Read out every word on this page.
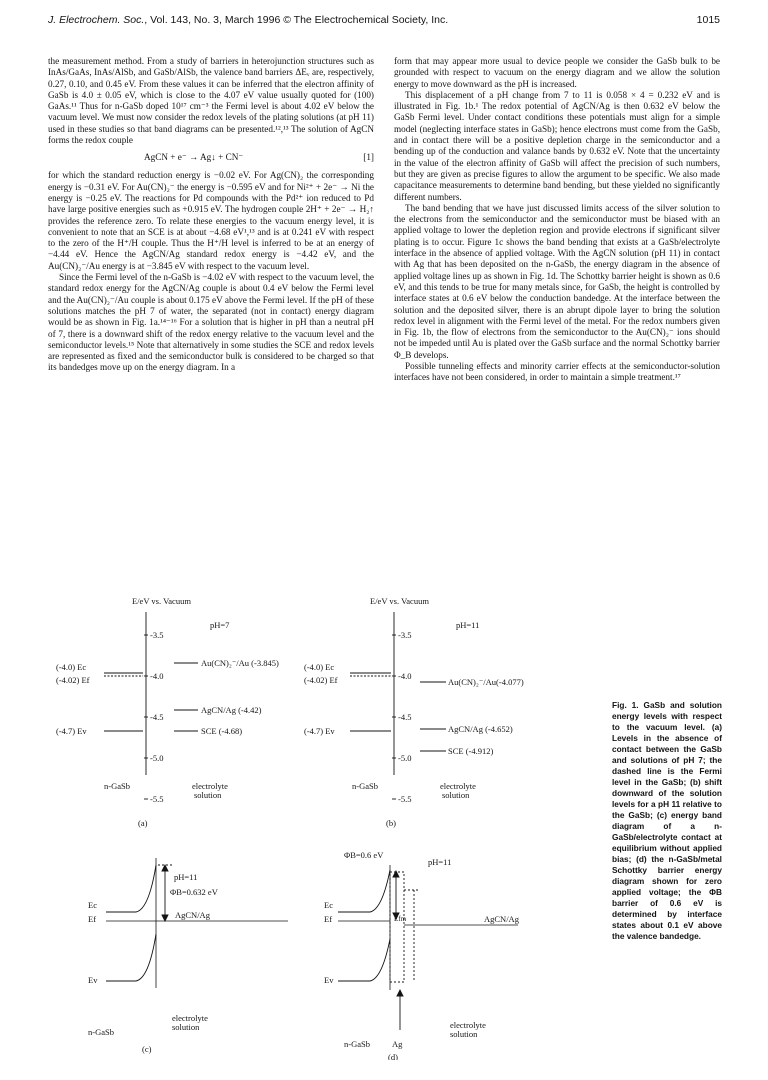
J. Electrochem. Soc., Vol. 143, No. 3, March 1996 © The Electrochemical Society, Inc.	1015

the measurement method. From a study of barriers in heterojunction structures such as InAs/GaAs, InAs/AlSb, and GaSb/AlSb, the valence band barriers ΔEᵥ are, respectively, 0.27, 0.10, and 0.45 eV. From these values it can be inferred that the electron affinity of GaSb is 4.0 ± 0.05 eV, which is close to the 4.07 eV value usually quoted for (100) GaAs.¹¹ Thus for n-GaSb doped 10¹⁷ cm⁻³ the Fermi level is about 4.02 eV below the vacuum level. We must now consider the redox levels of the plating solutions (at pH 11) used in these studies so that band diagrams can be presented.¹²,¹³ The solution of AgCN forms the redox couple

AgCN + e⁻ → Ag↓ + CN⁻	[1]

for which the standard reduction energy is −0.02 eV. For Ag(CN)₂ the corresponding energy is −0.31 eV. For Au(CN)₂⁻ the energy is −0.595 eV and for Ni²⁺ + 2e⁻ → Ni the energy is −0.25 eV. The reactions for Pd compounds with the Pd²⁺ ion reduced to Pd have large positive energies such as +0.915 eV. The hydrogen couple 2H⁺ + 2e⁻ → H₂↑ provides the reference zero. To relate these energies to the vacuum energy level, it is convenient to note that an SCE is at about −4.68 eV¹,¹³ and is at 0.241 eV with respect to the zero of the H⁺/H couple. Thus the H⁺/H level is inferred to be at an energy of −4.44 eV. Hence the AgCN/Ag standard redox energy is −4.42 eV, and the Au(CN)₂⁻/Au energy is at −3.845 eV with respect to the vacuum level.

Since the Fermi level of the n-GaSb is −4.02 eV with respect to the vacuum level, the standard redox energy for the AgCN/Ag couple is about 0.4 eV below the Fermi level and the Au(CN)₂⁻/Au couple is about 0.175 eV above the Fermi level. If the pH of these solutions matches the pH 7 of water, the separated (not in contact) energy diagram would be as shown in Fig. 1a.¹⁴⁻¹⁶ For a solution that is higher in pH than a neutral pH of 7, there is a downward shift of the redox energy relative to the vacuum level and the semiconductor levels.¹⁵ Note that alternatively in some studies the SCE and redox levels are represented as fixed and the semiconductor bulk is considered to be charged so that its bandedges move up on the energy diagram. In a

form that may appear more usual to device people we consider the GaSb bulk to be grounded with respect to vacuum on the energy diagram and we allow the solution energy to move downward as the pH is increased.

This displacement of a pH change from 7 to 11 is 0.058 × 4 = 0.232 eV and is illustrated in Fig. 1b.¹ The redox potential of AgCN/Ag is then 0.632 eV below the GaSb Fermi level. Under contact conditions these potentials must align for a simple model (neglecting interface states in GaSb); hence electrons must come from the GaSb, and in contact there will be a positive depletion charge in the semiconductor and a bending up of the conduction and valance bands by 0.632 eV. Note that the uncertainty in the value of the electron affinity of GaSb will affect the precision of such numbers, but they are given as precise figures to allow the argument to be specific. We also made capacitance measurements to determine band bending, but these yielded no significantly different numbers.

The band bending that we have just discussed limits access of the silver solution to the electrons from the semiconductor and the semiconductor must be biased with an applied voltage to lower the depletion region and provide electrons if significant silver plating is to occur. Figure 1c shows the band bending that exists at a GaSb/electrolyte interface in the absence of applied voltage. With the AgCN solution (pH 11) in contact with Ag that has been deposited on the n-GaSb, the energy diagram in the absence of applied voltage lines up as shown in Fig. 1d. The Schottky barrier height is shown as 0.6 eV, and this tends to be true for many metals since, for GaSb, the height is controlled by interface states at 0.6 eV below the conduction bandedge. At the interface between the solution and the deposited silver, there is an abrupt dipole layer to bring the solution redox level in alignment with the Fermi level of the metal. For the redox numbers given in Fig. 1b, the flow of electrons from the semiconductor to the Au(CN)₂⁻ ions should not be impeded until Au is plated over the GaSb surface and the normal Schottky barrier Φ_B develops.

Possible tunneling effects and minority carrier effects at the semiconductor-solution interfaces have not been considered, in order to maintain a simple treatment.¹⁷

E/eV vs. Vacuum
-3.5
-4.0
-4.5
-5.0
-5.5
pH=7
(-4.0) Ec
(-4.02) Ef
(-4.7) Ev
Au(CN)₂⁻/Au (-3.845)
AgCN/Ag (-4.42)
SCE (-4.68)
n-GaSb	electrolyte
solution
(a)
E/eV vs. Vacuum
-3.5
-4.0
-4.5
-5.0
-5.5
pH=11
(-4.0) Ec
(-4.02) Ef
(-4.7) Ev
Au(CN)₂⁻/Au(-4.077)
AgCN/Ag (-4.652)
SCE (-4.912)
n-GaSb	electrolyte
solution
(b)
pH=11
ΦB=0.632 eV
AgCN/Ag
Ec
Ef
Ev
n-GaSb
electrolyte
solution
(c)
ΦB=0.6 eV
pH=11
Efm	AgCN/Ag
Ec
Ef
Ev
n-GaSb	Ag
electrolyte
solution
(d)
Fig. 1. GaSb and solution energy levels with respect to the vacuum level. (a) Levels in the absence of contact between the GaSb and solutions of pH 7; the dashed line is the Fermi level in the GaSb; (b) shift downward of the solution levels for a pH 11 relative to the GaSb; (c) energy band diagram of a n-GaSb/electrolyte contact at equilibrium without applied bias; (d) the n-GaSb/metal Schottky barrier energy diagram shown for zero applied voltage; the ΦB barrier of 0.6 eV is determined by interface states about 0.1 eV above the valence bandedge.
